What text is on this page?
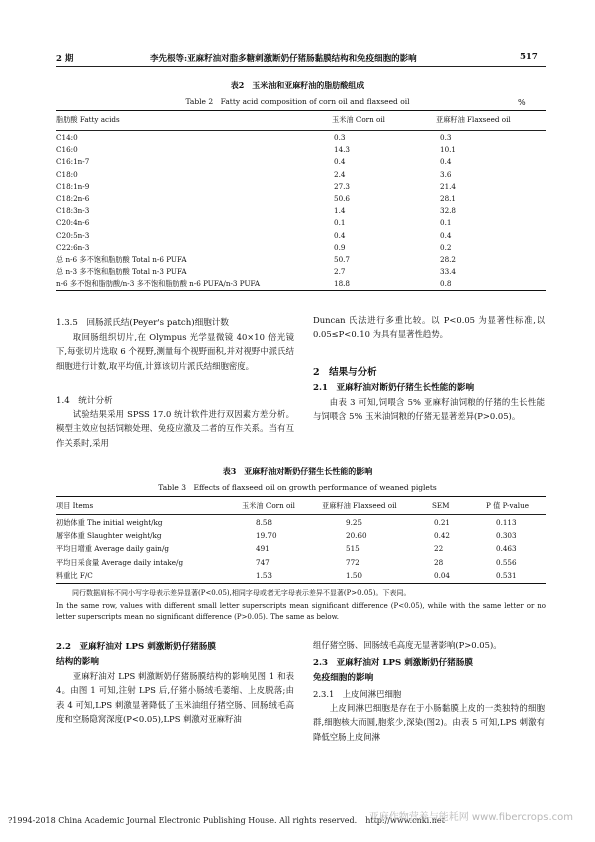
2 期	李先根等:亚麻籽油对脂多糖刺激断奶仔猪肠黏膜结构和免疫细胞的影响	517
表2　玉米油和亚麻籽油的脂肪酸组成
Table 2　Fatty acid composition of corn oil and flaxseed oil	%
脂肪酸 Fatty acids	玉米油 Corn oil	亚麻籽油 Flaxseed oil
C14:0	0.3	0.3
C16:0	14.3	10.1
C16:1n-7	0.4	0.4
C18:0	2.4	3.6
C18:1n-9	27.3	21.4
C18:2n-6	50.6	28.1
C18:3n-3	1.4	32.8
C20:4n-6	0.1	0.1
C20:5n-3	0.4	0.4
C22:6n-3	0.9	0.2
总 n-6 多不饱和脂肪酸 Total n-6 PUFA	50.7	28.2
总 n-3 多不饱和脂肪酸 Total n-3 PUFA	2.7	33.4
n-6 多不饱和脂肪酸/n-3 多不饱和脂肪酸 n-6 PUFA/n-3 PUFA	18.8	0.8
1.3.5　回肠派氏结(Peyer's patch)细胞计数

取回肠组织切片,在 Olympus 光学显微镜 40×10 倍光镜下,每张切片选取 6 个视野,测量每个视野面积,并对视野中派氏结细胞进行计数,取平均值,计算该切片派氏结细胞密度。

1.4　统计分析

试验结果采用 SPSS 17.0 统计软件进行双因素方差分析。模型主效应包括饲粮处理、免疫应激及二者的互作关系。当有互作关系时,采用

Duncan 氏法进行多重比较。以 P<0.05 为显著性标准,以 0.05≤P<0.10 为具有显著性趋势。

2　结果与分析
2.1　亚麻籽油对断奶仔猪生长性能的影响

由表 3 可知,饲喂含 5% 亚麻籽油饲粮的仔猪的生长性能与饲喂含 5% 玉米油饲粮的仔猪无显著差异(P>0.05)。

表3　亚麻籽油对断奶仔猪生长性能的影响
Table 3　Effects of flaxseed oil on growth performance of weaned piglets
项目 Items	玉米油 Corn oil	亚麻籽油 Flaxseed oil	SEM	P 值 P-value
初始体重 The initial weight/kg	8.58	9.25	0.21	0.113
屠宰体重 Slaughter weight/kg	19.70	20.60	0.42	0.303
平均日增重 Average daily gain/g	491	515	22	0.463
平均日采食量 Average daily intake/g	747	772	28	0.556
料重比 F/C	1.53	1.50	0.04	0.531
同行数据肩标不同小写字母表示差异显著(P<0.05),相同字母或者无字母表示差异不显著(P>0.05)。下表同。
In the same row, values with different small letter superscripts mean significant difference (P<0.05), while with the same letter or no letter superscripts mean no significant difference (P>0.05). The same as below.
2.2　亚麻籽油对 LPS 刺激断奶仔猪肠膜
结构的影响

亚麻籽油对 LPS 刺激断奶仔猪肠膜结构的影响见图 1 和表 4。由图 1 可知,注射 LPS 后,仔猪小肠绒毛萎缩、上皮脱落;由表 4 可知,LPS 刺激显著降低了玉米油组仔猪空肠、回肠绒毛高度和空肠隐窝深度(P<0.05),LPS 刺激对亚麻籽油

组仔猪空肠、回肠绒毛高度无显著影响(P>0.05)。

2.3　亚麻籽油对 LPS 刺激断奶仔猪肠膜
免疫细胞的影响
2.3.1　上皮间淋巴细胞

上皮间淋巴细胞是存在于小肠黏膜上皮的一类独特的细胞群,细胞核大而圆,胞浆少,深染(图2)。由表 5 可知,LPS 刺激有降低空肠上皮间淋

?1994-2018 China Academic Journal Electronic Publishing House. All rights reserved.　http://www.cnki.net
亚麻作物营养与能耗网 www.fibercrops.com
